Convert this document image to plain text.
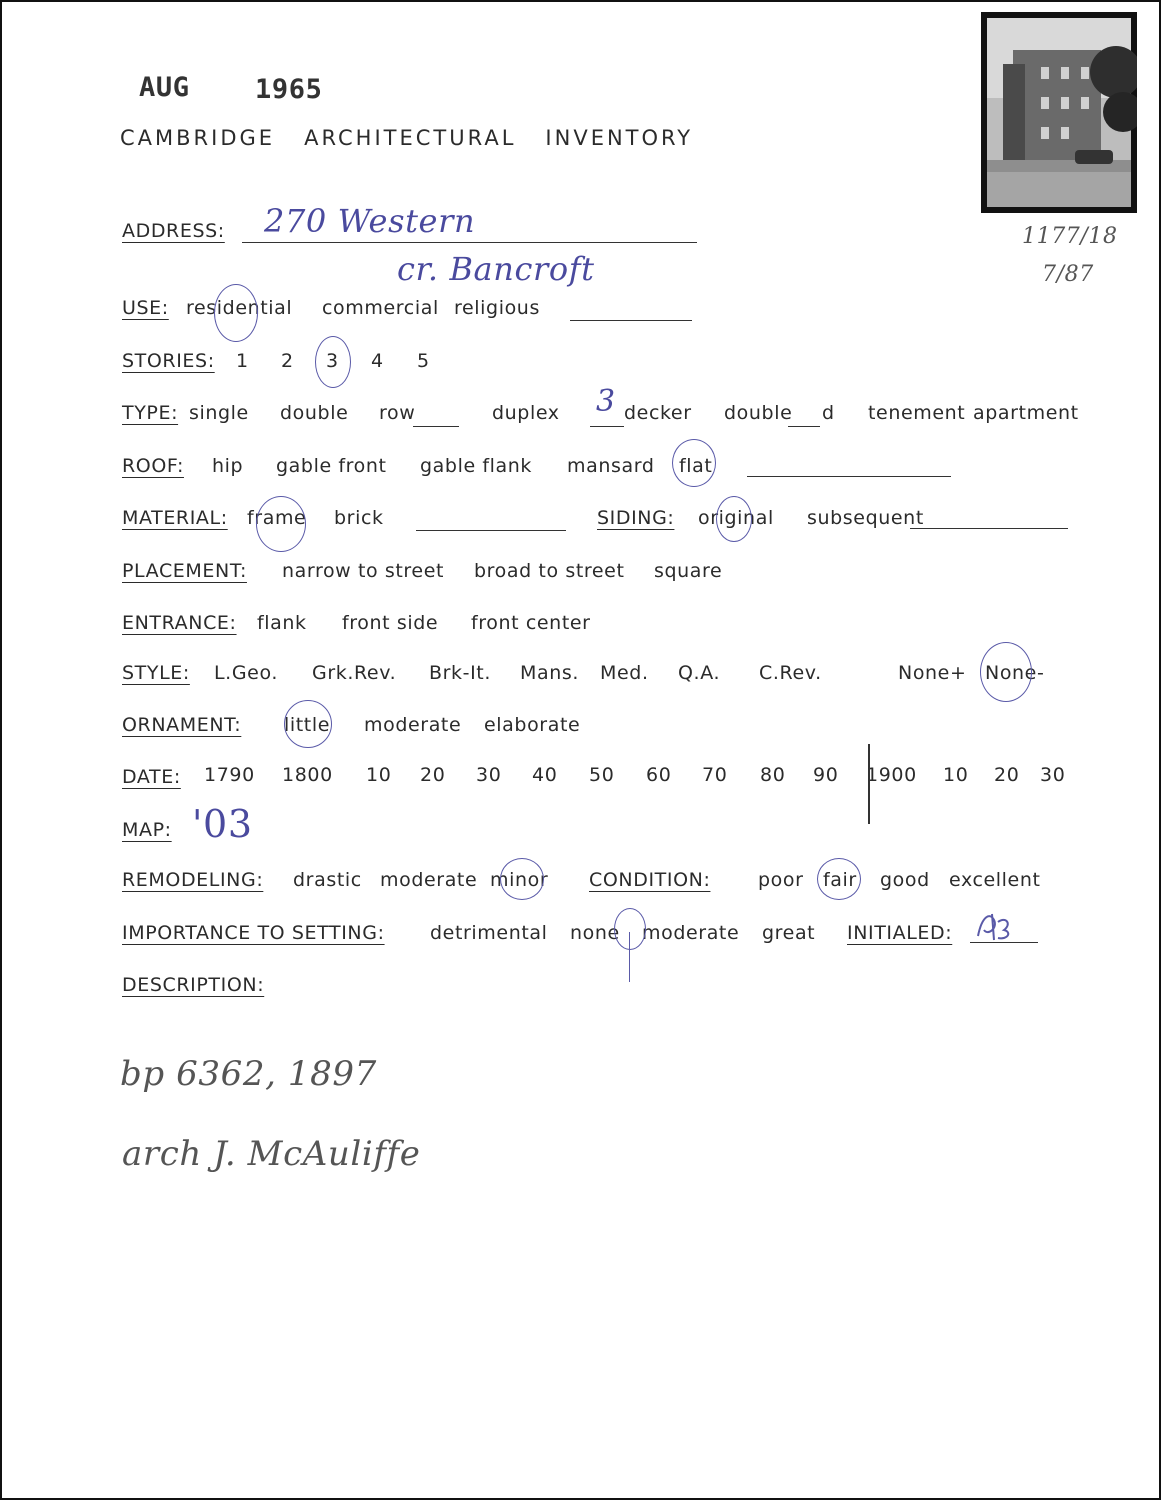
AUG 1965
CAMBRIDGE   ARCHITECTURAL   INVENTORY
1177/18
7/87
ADDRESS: 270 Western
cr. Bancroft
USE: residential commercial religious
STORIES: 1 2 3 4 5
TYPE: single double row	duplex 3 decker double d tenement apartment
ROOF: hip gable front gable flank mansard flat
MATERIAL: frame brick	SIDING: original subsequent
PLACEMENT: narrow to street broad to street square
ENTRANCE: flank front side front center
STYLE: L.Geo. Grk.Rev. Brk-It. Mans. Med. Q.A. C.Rev.	None+ None-
ORNAMENT: little moderate elaborate
DATE: 1790 1800 10 20 30 40 50 60 70 80 90 1900 10 20 30
MAP: '03
REMODELING: drastic moderate minor CONDITION:	poor fair good excellent
IMPORTANCE TO SETTING: detrimental none moderate great INITIALED:
DESCRIPTION:
bp 6362, 1897
arch J. McAuliffe
